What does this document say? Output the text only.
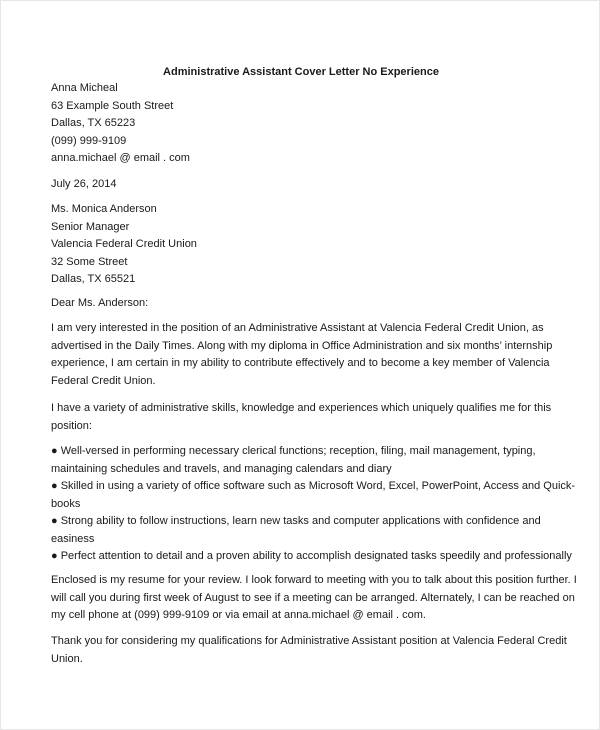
Administrative Assistant Cover Letter No Experience
Anna Micheal
63 Example South Street
Dallas, TX 65223
(099) 999-9109
anna.michael @ email . com
July 26, 2014
Ms. Monica Anderson
Senior Manager
Valencia Federal Credit Union
32 Some Street
Dallas, TX 65521
Dear Ms. Anderson:
I am very interested in the position of an Administrative Assistant at Valencia Federal Credit Union, as
advertised in the Daily Times. Along with my diploma in Office Administration and six months’ internship
experience, I am certain in my ability to contribute effectively and to become a key member of Valencia
Federal Credit Union.
I have a variety of administrative skills, knowledge and experiences which uniquely qualifies me for this
position:
● Well-versed in performing necessary clerical functions; reception, filing, mail management, typing,
maintaining schedules and travels, and managing calendars and diary
● Skilled in using a variety of office software such as Microsoft Word, Excel, PowerPoint, Access and Quick-
books
● Strong ability to follow instructions, learn new tasks and computer applications with confidence and
easiness
● Perfect attention to detail and a proven ability to accomplish designated tasks speedily and professionally
Enclosed is my resume for your review. I look forward to meeting with you to talk about this position further. I
will call you during first week of August to see if a meeting can be arranged. Alternately, I can be reached on
my cell phone at (099) 999-9109 or via email at anna.michael @ email . com.
Thank you for considering my qualifications for Administrative Assistant position at Valencia Federal Credit
Union.
